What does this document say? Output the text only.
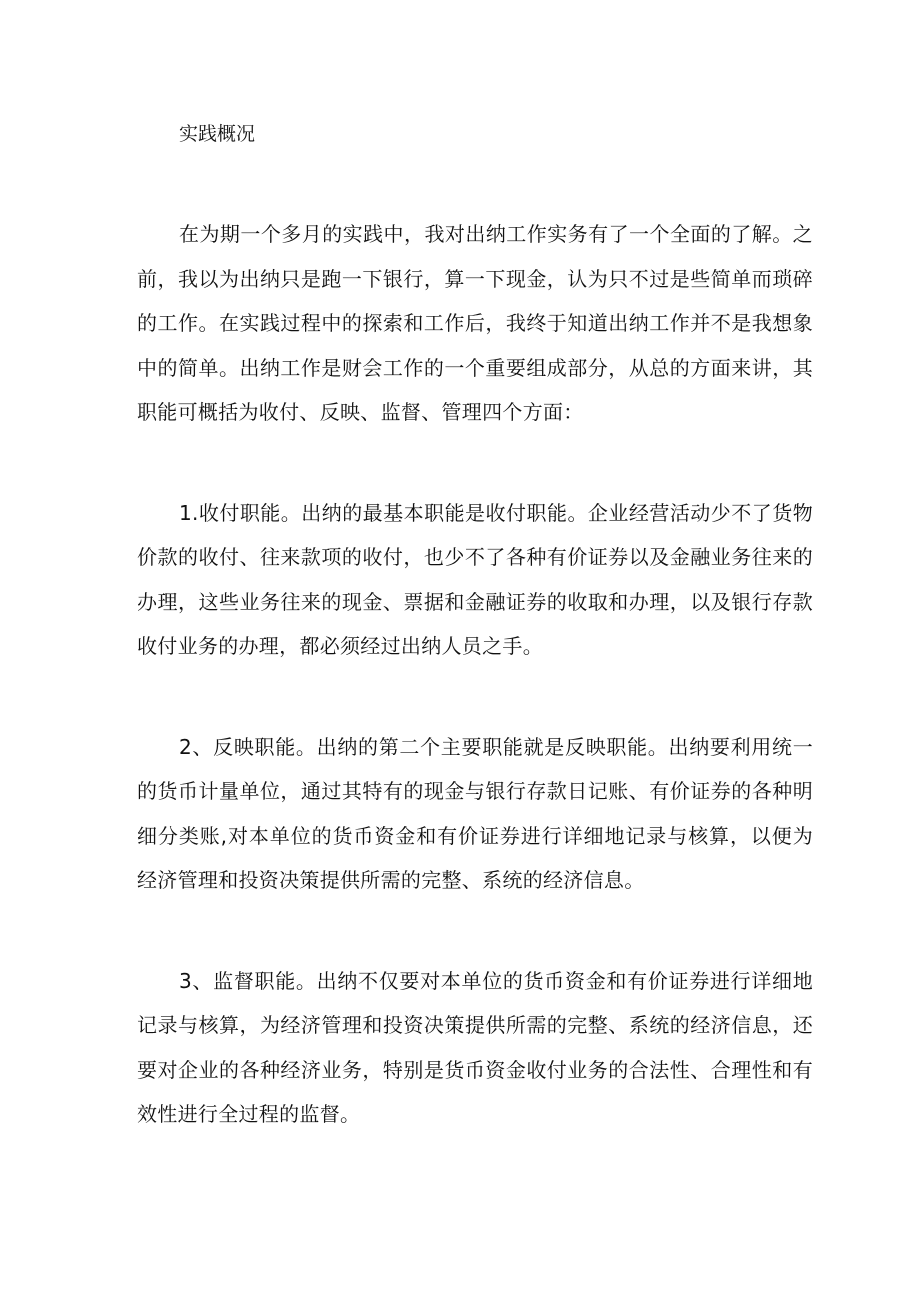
实践概况

在为期一个多月的实践中，我对出纳工作实务有了一个全面的了解。之前，我以为出纳只是跑一下银行，算一下现金，认为只不过是些简单而琐碎的工作。在实践过程中的探索和工作后，我终于知道出纳工作并不是我想象中的简单。出纳工作是财会工作的一个重要组成部分，从总的方面来讲，其职能可概括为收付、反映、监督、管理四个方面：

1.收付职能。出纳的最基本职能是收付职能。企业经营活动少不了货物价款的收付、往来款项的收付，也少不了各种有价证券以及金融业务往来的办理，这些业务往来的现金、票据和金融证券的收取和办理，以及银行存款收付业务的办理，都必须经过出纳人员之手。

2、反映职能。出纳的第二个主要职能就是反映职能。出纳要利用统一的货币计量单位，通过其特有的现金与银行存款日记账、有价证券的各种明细分类账,对本单位的货币资金和有价证券进行详细地记录与核算，以便为经济管理和投资决策提供所需的完整、系统的经济信息。

3、监督职能。出纳不仅要对本单位的货币资金和有价证券进行详细地记录与核算，为经济管理和投资决策提供所需的完整、系统的经济信息，还要对企业的各种经济业务，特别是货币资金收付业务的合法性、合理性和有效性进行全过程的监督。
